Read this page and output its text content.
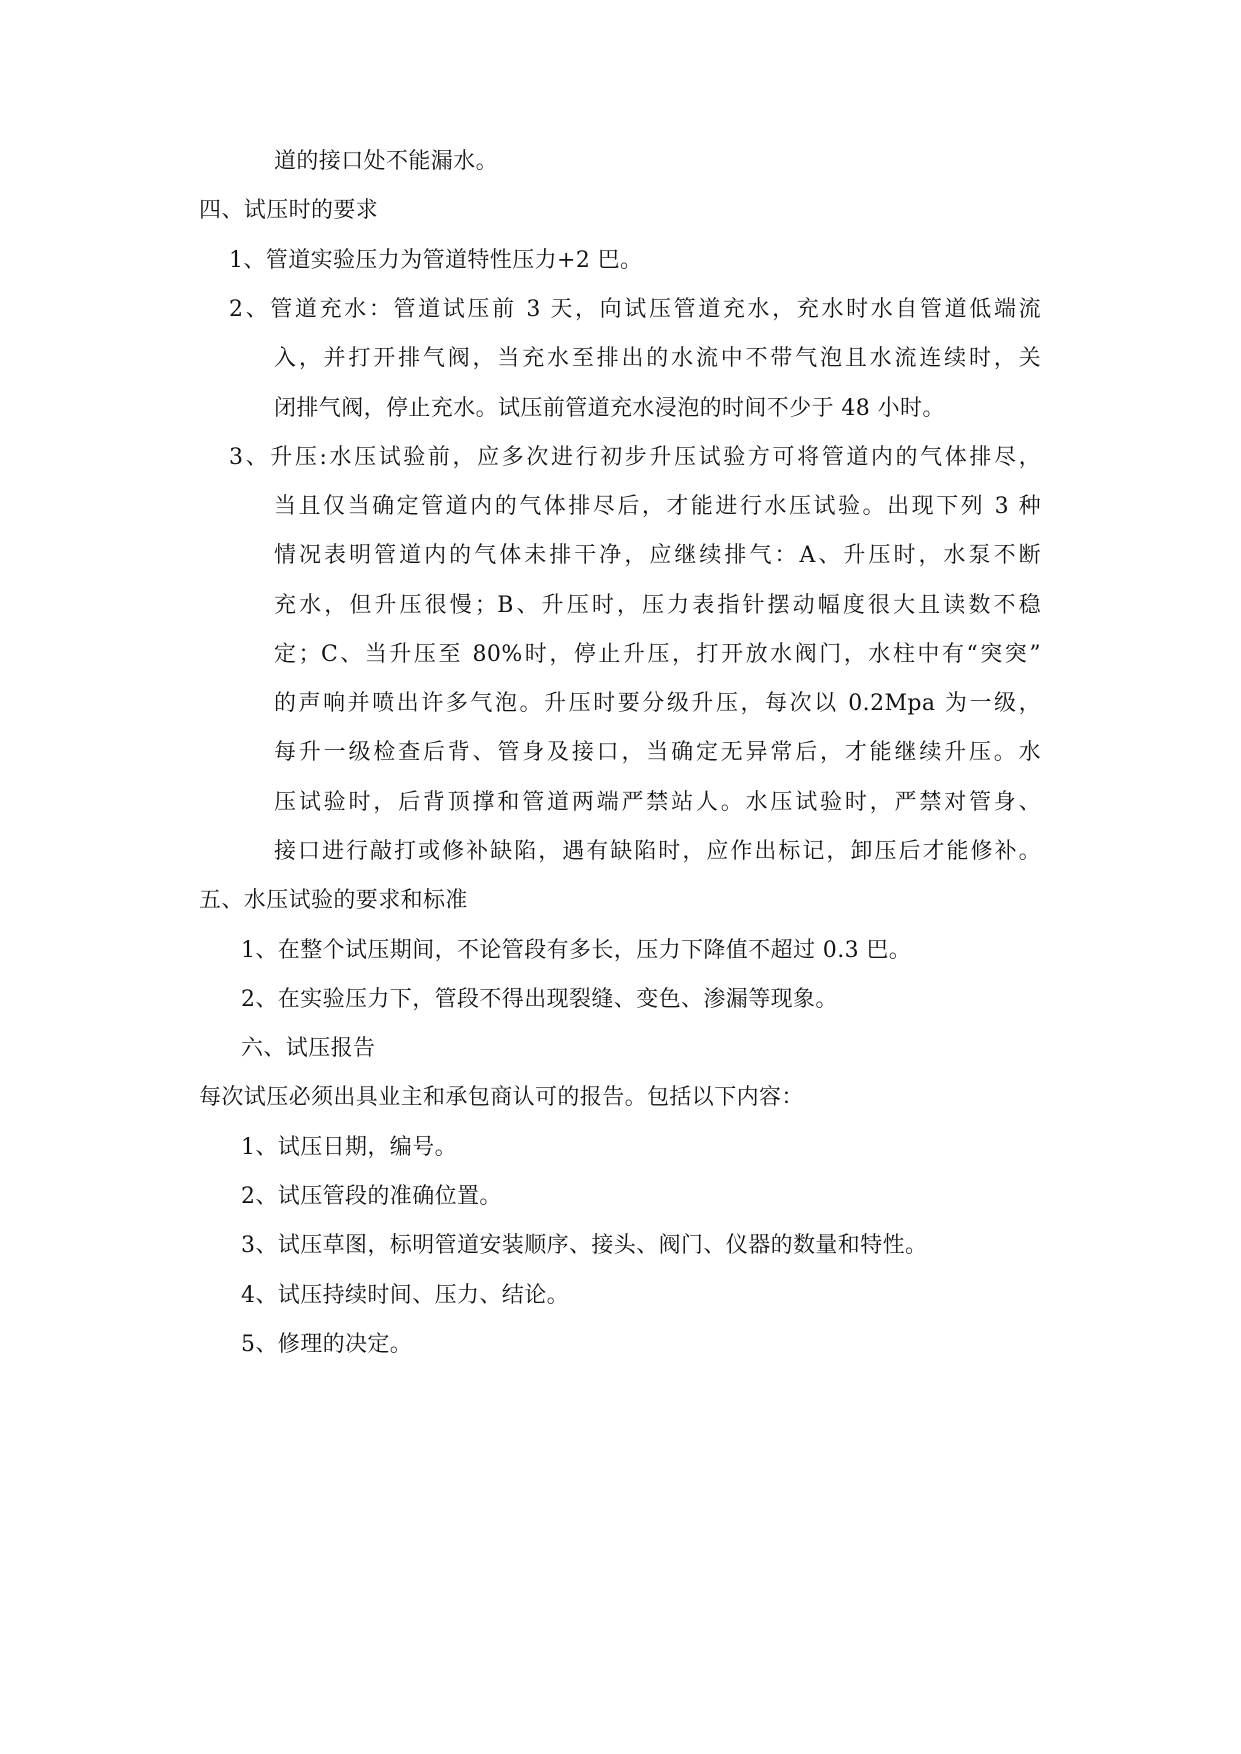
道的接口处不能漏水。
四、试压时的要求
1、管道实验压力为管道特性压力+2 巴。
2、管道充水：管道试压前 3 天，向试压管道充水，充水时水自管道低端流
入，并打开排气阀，当充水至排出的水流中不带气泡且水流连续时，关
闭排气阀，停止充水。试压前管道充水浸泡的时间不少于 48 小时。
3、升压:水压试验前，应多次进行初步升压试验方可将管道内的气体排尽，
当且仅当确定管道内的气体排尽后，才能进行水压试验。出现下列 3 种
情况表明管道内的气体未排干净，应继续排气：A、升压时，水泵不断
充水，但升压很慢；B、升压时，压力表指针摆动幅度很大且读数不稳
定；C、当升压至 80%时，停止升压，打开放水阀门，水柱中有“突突”
的声响并喷出许多气泡。升压时要分级升压，每次以 0.2Mpa 为一级，
每升一级检查后背、管身及接口，当确定无异常后，才能继续升压。水
压试验时，后背顶撑和管道两端严禁站人。水压试验时，严禁对管身、
接口进行敲打或修补缺陷，遇有缺陷时，应作出标记，卸压后才能修补。
五、水压试验的要求和标准
1、在整个试压期间，不论管段有多长，压力下降值不超过 0.3 巴。
2、在实验压力下，管段不得出现裂缝、变色、渗漏等现象。
六、试压报告
每次试压必须出具业主和承包商认可的报告。包括以下内容：
1、试压日期，编号。
2、试压管段的准确位置。
3、试压草图，标明管道安装顺序、接头、阀门、仪器的数量和特性。
4、试压持续时间、压力、结论。
5、修理的决定。
